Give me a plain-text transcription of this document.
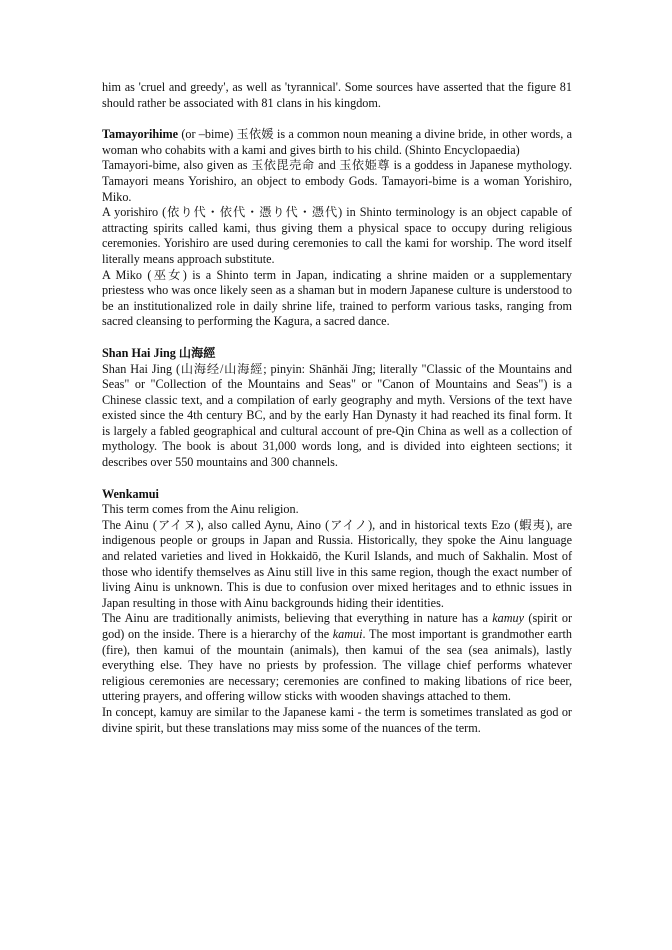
him as 'cruel and greedy', as well as 'tyrannical'. Some sources have asserted that the figure 81 should rather be associated with 81 clans in his kingdom.

Tamayorihime (or –bime) 玉依媛 is a common noun meaning a divine bride, in other words, a woman who cohabits with a kami and gives birth to his child. (Shinto Encyclopaedia)

Tamayori-bime, also given as 玉依毘売命 and 玉依姫尊 is a goddess in Japanese mythology. Tamayori means Yorishiro, an object to embody Gods. Tamayori-bime is a woman Yorishiro, Miko.

A yorishiro (依り代・依代・憑り代・憑代) in Shinto terminology is an object capable of attracting spirits called kami, thus giving them a physical space to occupy during religious ceremonies. Yorishiro are used during ceremonies to call the kami for worship. The word itself literally means approach substitute.

A Miko (巫女) is a Shinto term in Japan, indicating a shrine maiden or a supplementary priestess who was once likely seen as a shaman but in modern Japanese culture is understood to be an institutionalized role in daily shrine life, trained to perform various tasks, ranging from sacred cleansing to performing the Kagura, a sacred dance.

Shan Hai Jing 山海經

Shan Hai Jing (山海经/山海經; pinyin: Shānhǎi Jīng; literally "Classic of the Mountains and Seas" or "Collection of the Mountains and Seas" or "Canon of Mountains and Seas") is a Chinese classic text, and a compilation of early geography and myth. Versions of the text have existed since the 4th century BC, and by the early Han Dynasty it had reached its final form. It is largely a fabled geographical and cultural account of pre-Qin China as well as a collection of mythology. The book is about 31,000 words long, and is divided into eighteen sections; it describes over 550 mountains and 300 channels.

Wenkamui

This term comes from the Ainu religion.

The Ainu (アイヌ), also called Aynu, Aino (アイノ), and in historical texts Ezo (蝦夷), are indigenous people or groups in Japan and Russia. Historically, they spoke the Ainu language and related varieties and lived in Hokkaidō, the Kuril Islands, and much of Sakhalin. Most of those who identify themselves as Ainu still live in this same region, though the exact number of living Ainu is unknown. This is due to confusion over mixed heritages and to ethnic issues in Japan resulting in those with Ainu backgrounds hiding their identities.

The Ainu are traditionally animists, believing that everything in nature has a kamuy (spirit or god) on the inside. There is a hierarchy of the kamui. The most important is grandmother earth (fire), then kamui of the mountain (animals), then kamui of the sea (sea animals), lastly everything else. They have no priests by profession. The village chief performs whatever religious ceremonies are necessary; ceremonies are confined to making libations of rice beer, uttering prayers, and offering willow sticks with wooden shavings attached to them.

In concept, kamuy are similar to the Japanese kami - the term is sometimes translated as god or divine spirit, but these translations may miss some of the nuances of the term.
